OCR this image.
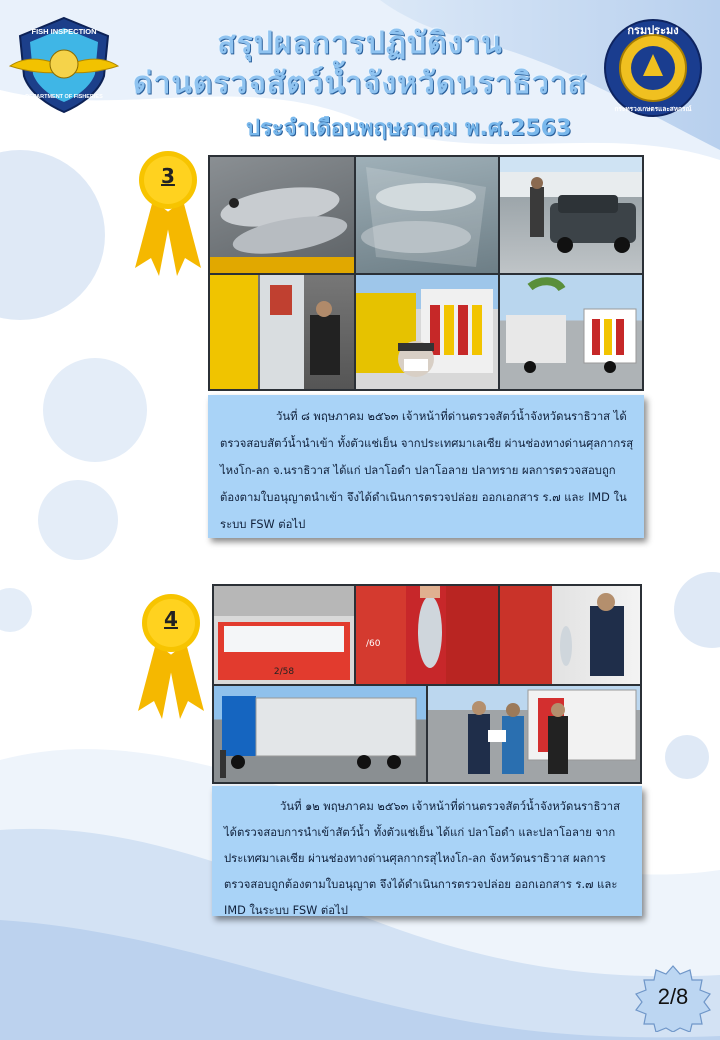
FISH INSPECTION
DEPARTMENT OF FISHERIES
สรุปผลการปฏิบัติงาน
ด่านตรวจสัตว์น้ำจังหวัดนราธิวาส
ประจำเดือนพฤษภาคม พ.ศ.2563
กรมประมง
กระทรวงเกษตรและสหกรณ์
3

วันที่ ๘ พฤษภาคม ๒๕๖๓ เจ้าหน้าที่ด่านตรวจสัตว์น้ำจังหวัดนราธิวาส ได้ตรวจสอบสัตว์น้ำนำเข้า ทั้งตัวแช่เย็น จากประเทศมาเลเซีย ผ่านช่องทางด่านศุลกากรสุไหงโก-ลก จ.นราธิวาส ได้แก่ ปลาโอดำ ปลาโอลาย ปลาทราย ผลการตรวจสอบถูกต้องตามใบอนุญาตนำเข้า จึงได้ดำเนินการตรวจปล่อย ออกเอกสาร ร.๗ และ IMD ในระบบ FSW ต่อไป

4
2/58
/60

วันที่ ๑๒ พฤษภาคม ๒๕๖๓ เจ้าหน้าที่ด่านตรวจสัตว์น้ำจังหวัดนราธิวาส ได้ตรวจสอบการนำเข้าสัตว์น้ำ ทั้งตัวแช่เย็น ได้แก่ ปลาโอดำ และปลาโอลาย จากประเทศมาเลเซีย ผ่านช่องทางด่านศุลกากรสุไหงโก-ลก จังหวัดนราธิวาส ผลการตรวจสอบถูกต้องตามใบอนุญาต จึงได้ดำเนินการตรวจปล่อย ออกเอกสาร ร.๗ และ IMD ในระบบ FSW ต่อไป

2/8
